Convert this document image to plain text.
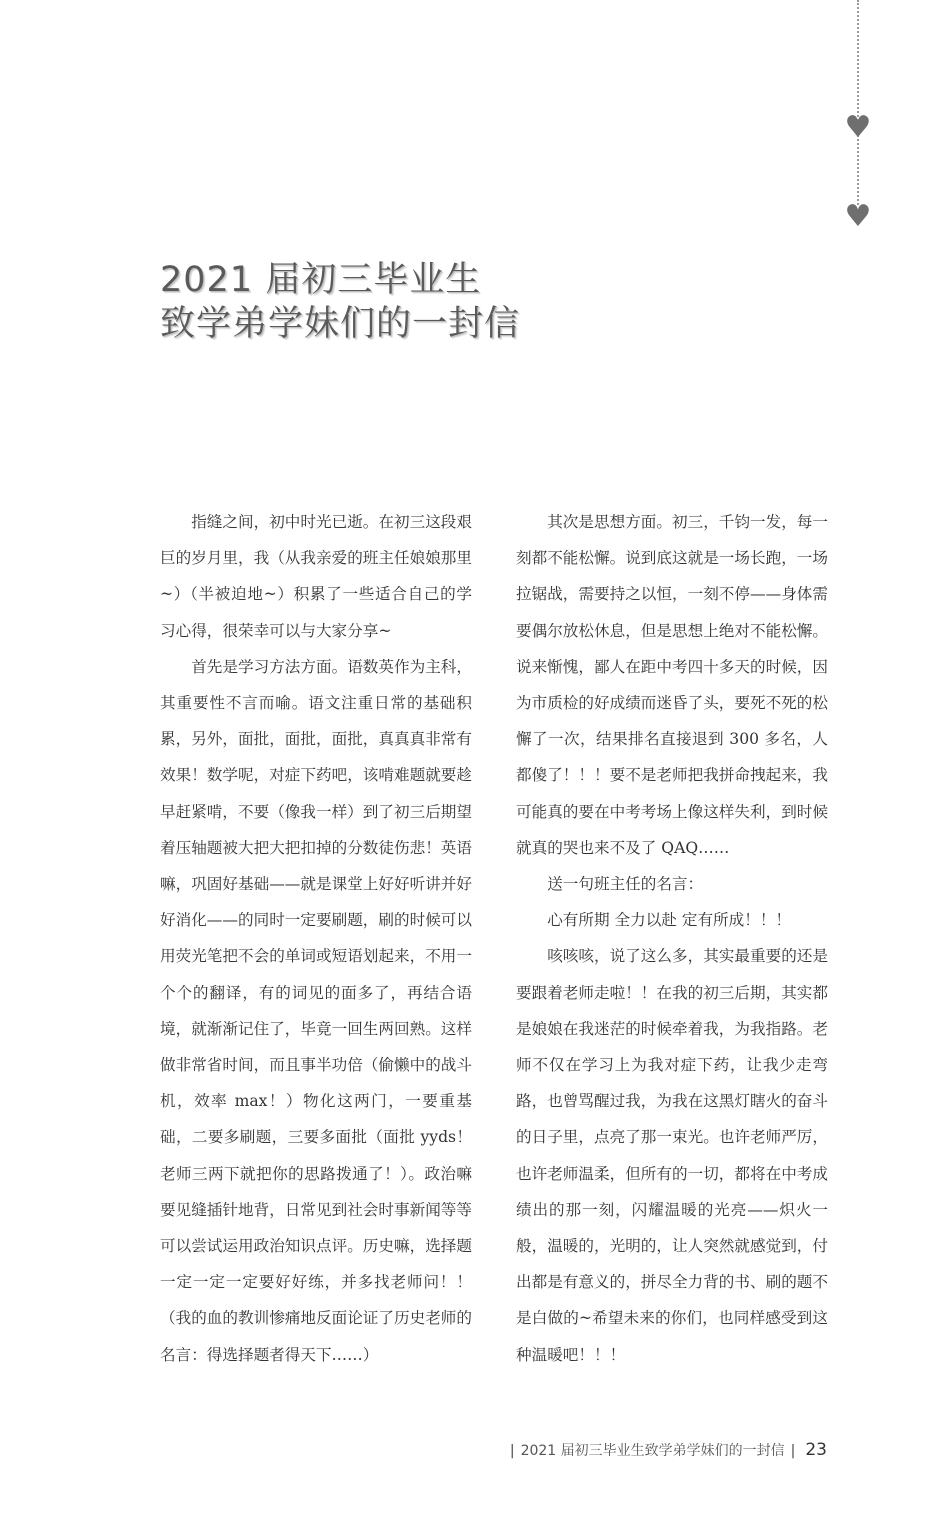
♥
♥
2021 届初三毕业生
致学弟学妹们的一封信

指缝之间，初中时光已逝。在初三这段艰巨的岁月里，我（从我亲爱的班主任娘娘那里~）（半被迫地~）积累了一些适合自己的学习心得，很荣幸可以与大家分享~

首先是学习方法方面。语数英作为主科，其重要性不言而喻。语文注重日常的基础积累，另外，面批，面批，面批，真真真非常有效果！数学呢，对症下药吧，该啃难题就要趁早赶紧啃，不要（像我一样）到了初三后期望着压轴题被大把大把扣掉的分数徒伤悲！英语嘛，巩固好基础——就是课堂上好好听讲并好好消化——的同时一定要刷题，刷的时候可以用荧光笔把不会的单词或短语划起来，不用一个个的翻译，有的词见的面多了，再结合语境，就渐渐记住了，毕竟一回生两回熟。这样做非常省时间，而且事半功倍（偷懒中的战斗机，效率 max！）物化这两门，一要重基础，二要多刷题，三要多面批（面批 yyds！老师三两下就把你的思路拨通了！）。政治嘛要见缝插针地背，日常见到社会时事新闻等等可以尝试运用政治知识点评。历史嘛，选择题一定一定一定要好好练，并多找老师问！！（我的血的教训惨痛地反面论证了历史老师的名言：得选择题者得天下……）

其次是思想方面。初三，千钧一发，每一刻都不能松懈。说到底这就是一场长跑，一场拉锯战，需要持之以恒，一刻不停——身体需要偶尔放松休息，但是思想上绝对不能松懈。说来惭愧，鄙人在距中考四十多天的时候，因为市质检的好成绩而迷昏了头，要死不死的松懈了一次，结果排名直接退到 300 多名，人都傻了！！！要不是老师把我拼命拽起来，我可能真的要在中考考场上像这样失利，到时候就真的哭也来不及了 QAQ……

送一句班主任的名言：

心有所期 全力以赴 定有所成！！！

咳咳咳，说了这么多，其实最重要的还是要跟着老师走啦！！在我的初三后期，其实都是娘娘在我迷茫的时候牵着我，为我指路。老师不仅在学习上为我对症下药，让我少走弯路，也曾骂醒过我，为我在这黑灯瞎火的奋斗的日子里，点亮了那一束光。也许老师严厉，也许老师温柔，但所有的一切，都将在中考成绩出的那一刻，闪耀温暖的光亮——炽火一般，温暖的，光明的，让人突然就感觉到，付出都是有意义的，拼尽全力背的书、刷的题不是白做的~希望未来的你们，也同样感受到这种温暖吧！！！

| 2021 届初三毕业生致学弟学妹们的一封信 | 23
